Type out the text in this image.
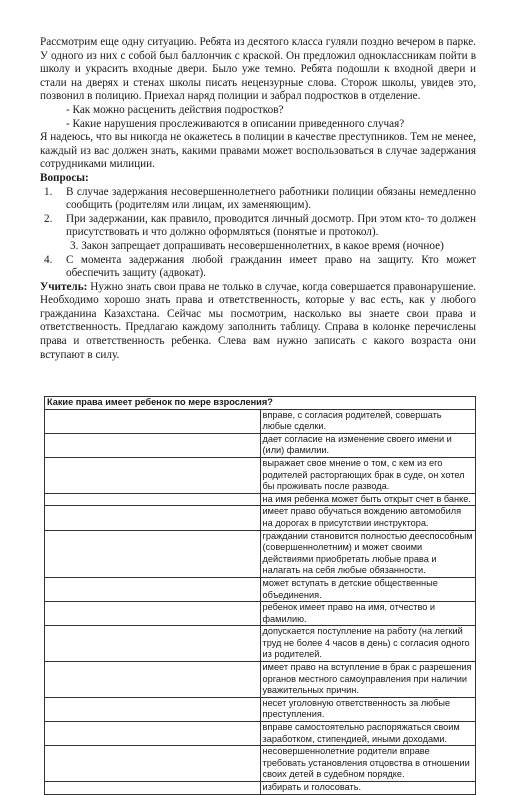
Рассмотрим еще одну ситуацию. Ребята из десятого класса гуляли поздно вечером в парке. У одного из них с собой был баллончик с краской. Он предложил одноклассникам пойти в школу и украсить входные двери. Было уже темно. Ребята подошли к входной двери и стали на дверях и стенах школы писать нецензурные слова. Сторож школы, увидев это, позвонил в полицию. Приехал наряд полиции и забрал подростков в отделение.

- Как можно расценить действия подростков?

- Какие нарушения прослеживаются в описании приведенного случая?

Я надеюсь, что вы никогда не окажетесь в полиции в качестве преступников. Тем не менее, каждый из вас должен знать, какими правами может воспользоваться в случае задержания сотрудниками милиции.

Вопросы:

1.	В случае задержания несовершеннолетнего работники полиции обязаны немедленно сообщить (родителям или лицам, их заменяющим).
2.	При задержании, как правило, проводится личный досмотр. При этом кто- то должен присутствовать и что должно оформляться (понятые и протокол).
3.
Закон запрещает допрашивать несовершеннолетних, в какое время (ночное)
4.	С момента задержания любой гражданин имеет право на защиту. Кто может обеспечить защиту (адвокат).

Учитель: Нужно знать свои права не только в случае, когда совершается правонарушение. Необходимо хорошо знать права и ответственность, которые у вас есть, как у любого гражданина Казахстана. Сейчас мы посмотрим, насколько вы знаете свои права и ответственность. Предлагаю каждому заполнить таблицу. Справа в колонке перечислены права и ответственность ребенка. Слева вам нужно записать с какого возраста они вступают в силу.

Какие права имеет ребенок по мере взросления?	
	вправе, с согласия родителей, совершать любые сделки.
	дает согласие на изменение своего имени и (или) фамилии.
	выражает свое мнение о том, с кем из его родителей расторгающих брак в суде, он хотел бы проживать после развода.
	на имя ребенка может быть открыт счет в банке.
	имеет право обучаться вождению автомобиля на дорогах в присутствии инструктора.
	граждании становится полностью дееспособным (совершеннолетним) и может своими действиями приобретать любые права и налагать на себя любые обязанности.
	может вступать в детские общественные объединения.
	ребенок имеет право на имя, отчество и фамилию.
	допускается поступление на работу (на легкий труд не более 4 часов в день) с согласия одного из родителей.
	имеет право на вступление в брак с разрешения органов местного самоуправления при наличии уважительных причин.
	несет уголовную ответственность за любые преступления.
	вправе самостоятельно распоряжаться своим заработком, стипендией, иными доходами.
	несовершеннолетние родители вправе требовать установления отцовства в отношении своих детей в судебном порядке.
	избирать и голосовать.
